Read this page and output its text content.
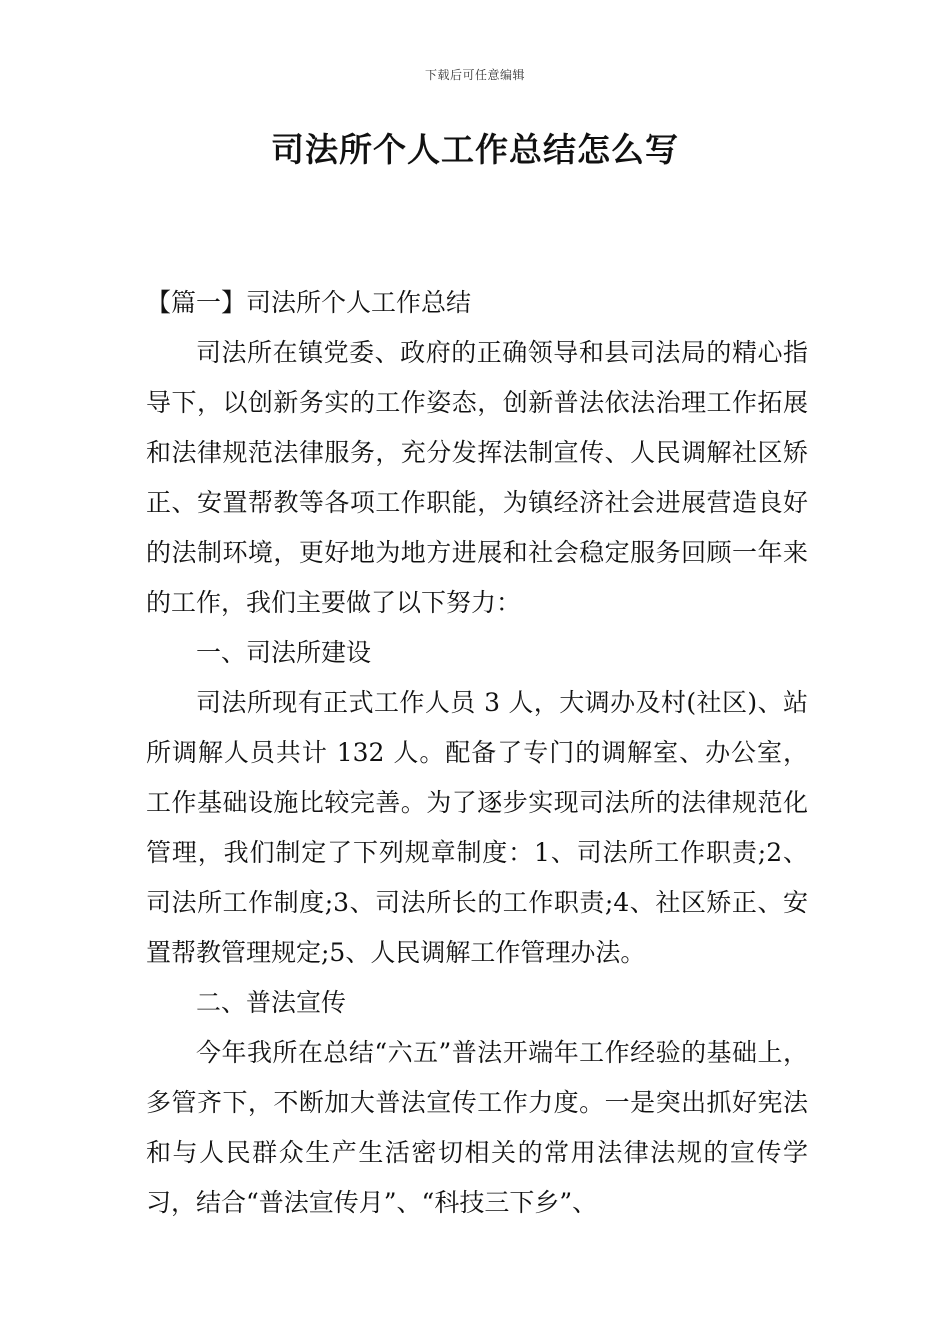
下载后可任意编辑
司法所个人工作总结怎么写

【篇一】司法所个人工作总结

司法所在镇党委、政府的正确领导和县司法局的精心指导下，以创新务实的工作姿态，创新普法依法治理工作拓展和法律规范法律服务，充分发挥法制宣传、人民调解社区矫正、安置帮教等各项工作职能，为镇经济社会进展营造良好的法制环境，更好地为地方进展和社会稳定服务回顾一年来的工作，我们主要做了以下努力：

一、司法所建设

司法所现有正式工作人员 3 人，大调办及村(社区)、站所调解人员共计 132 人。配备了专门的调解室、办公室，工作基础设施比较完善。为了逐步实现司法所的法律规范化管理，我们制定了下列规章制度：1、司法所工作职责;2、司法所工作制度;3、司法所长的工作职责;4、社区矫正、安置帮教管理规定;5、人民调解工作管理办法。

二、普法宣传

今年我所在总结“六五”普法开端年工作经验的基础上，多管齐下，不断加大普法宣传工作力度。一是突出抓好宪法和与人民群众生产生活密切相关的常用法律法规的宣传学习，结合“普法宣传月”、“科技三下乡”、
